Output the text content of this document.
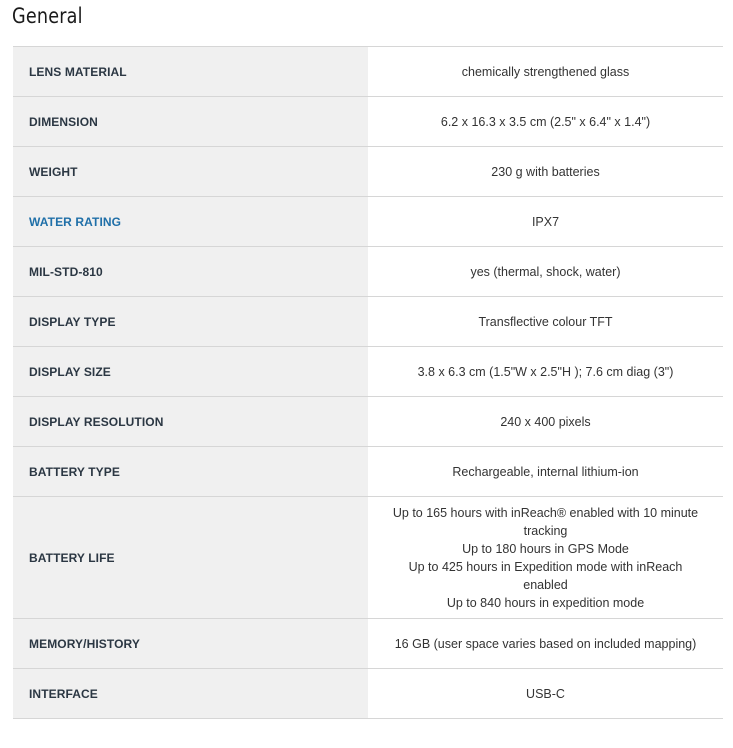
General
LENS MATERIAL	chemically strengthened glass

DIMENSION	6.2 x 16.3 x 3.5 cm (2.5" x 6.4" x 1.4")

WEIGHT	230 g with batteries

WATER RATING	IPX7

MIL-STD-810	yes (thermal, shock, water)

DISPLAY TYPE	Transflective colour TFT

DISPLAY SIZE	3.8 x 6.3 cm (1.5"W x 2.5"H ); 7.6 cm diag (3")

DISPLAY RESOLUTION	240 x 400 pixels

BATTERY TYPE	Rechargeable, internal lithium-ion

BATTERY LIFE	Up to 165 hours with inReach® enabled with 10 minute tracking
Up to 180 hours in GPS Mode
Up to 425 hours in Expedition mode with inReach enabled
Up to 840 hours in expedition mode

MEMORY/HISTORY	16 GB (user space varies based on included mapping)

INTERFACE	USB-C
